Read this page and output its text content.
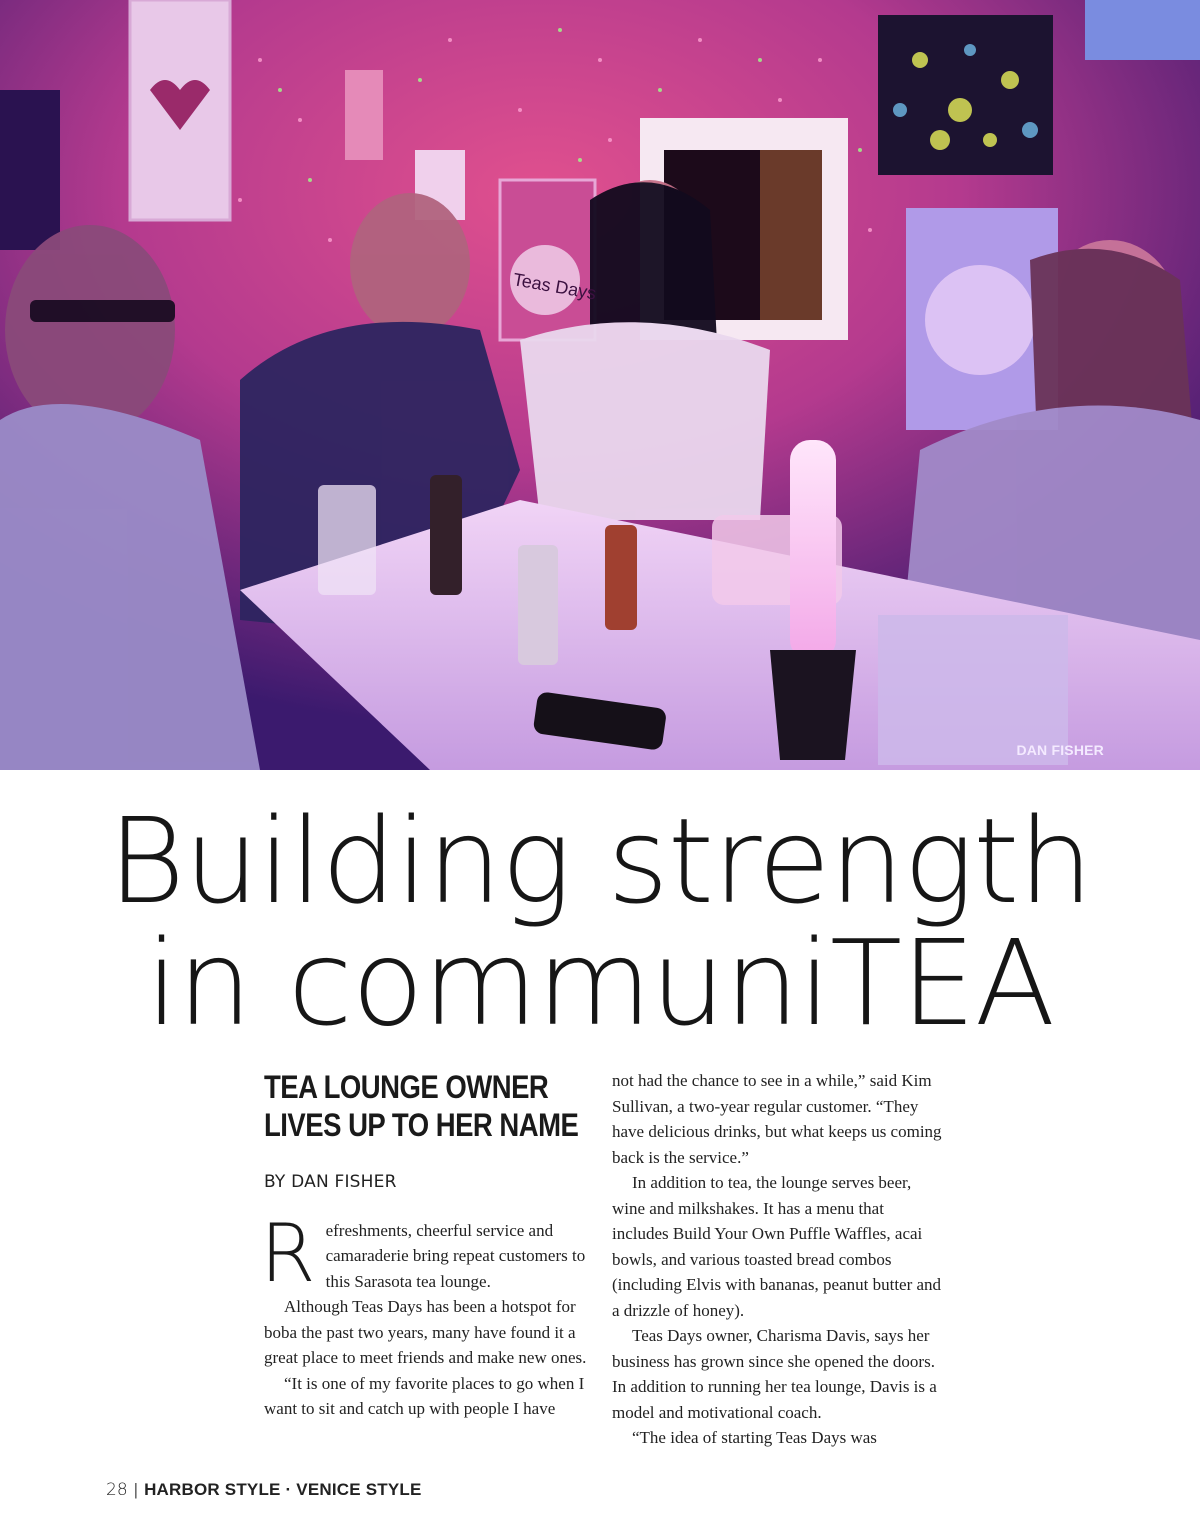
Teas Days
DAN FISHER
Building strength
in communiTEA
TEA LOUNGE OWNER LIVES UP TO HER NAME
BY DAN FISHER

Refreshments, cheerful service and camaraderie bring repeat customers to this Sarasota tea lounge.

Although Teas Days has been a hotspot for boba the past two years, many have found it a great place to meet friends and make new ones.

“It is one of my favorite places to go when I want to sit and catch up with people I have

not had the chance to see in a while,” said Kim Sullivan, a two-year regular customer. “They have delicious drinks, but what keeps us coming back is the service.”

In addition to tea, the lounge serves beer, wine and milkshakes. It has a menu that includes Build Your Own Puffle Waffles, acai bowls, and various toasted bread combos (including Elvis with bananas, peanut butter and a drizzle of honey).

Teas Days owner, Charisma Davis, says her business has grown since she opened the doors. In addition to running her tea lounge, Davis is a model and motivational coach.

“The idea of starting Teas Days was

28 | HARBOR STYLE · VENICE STYLE
